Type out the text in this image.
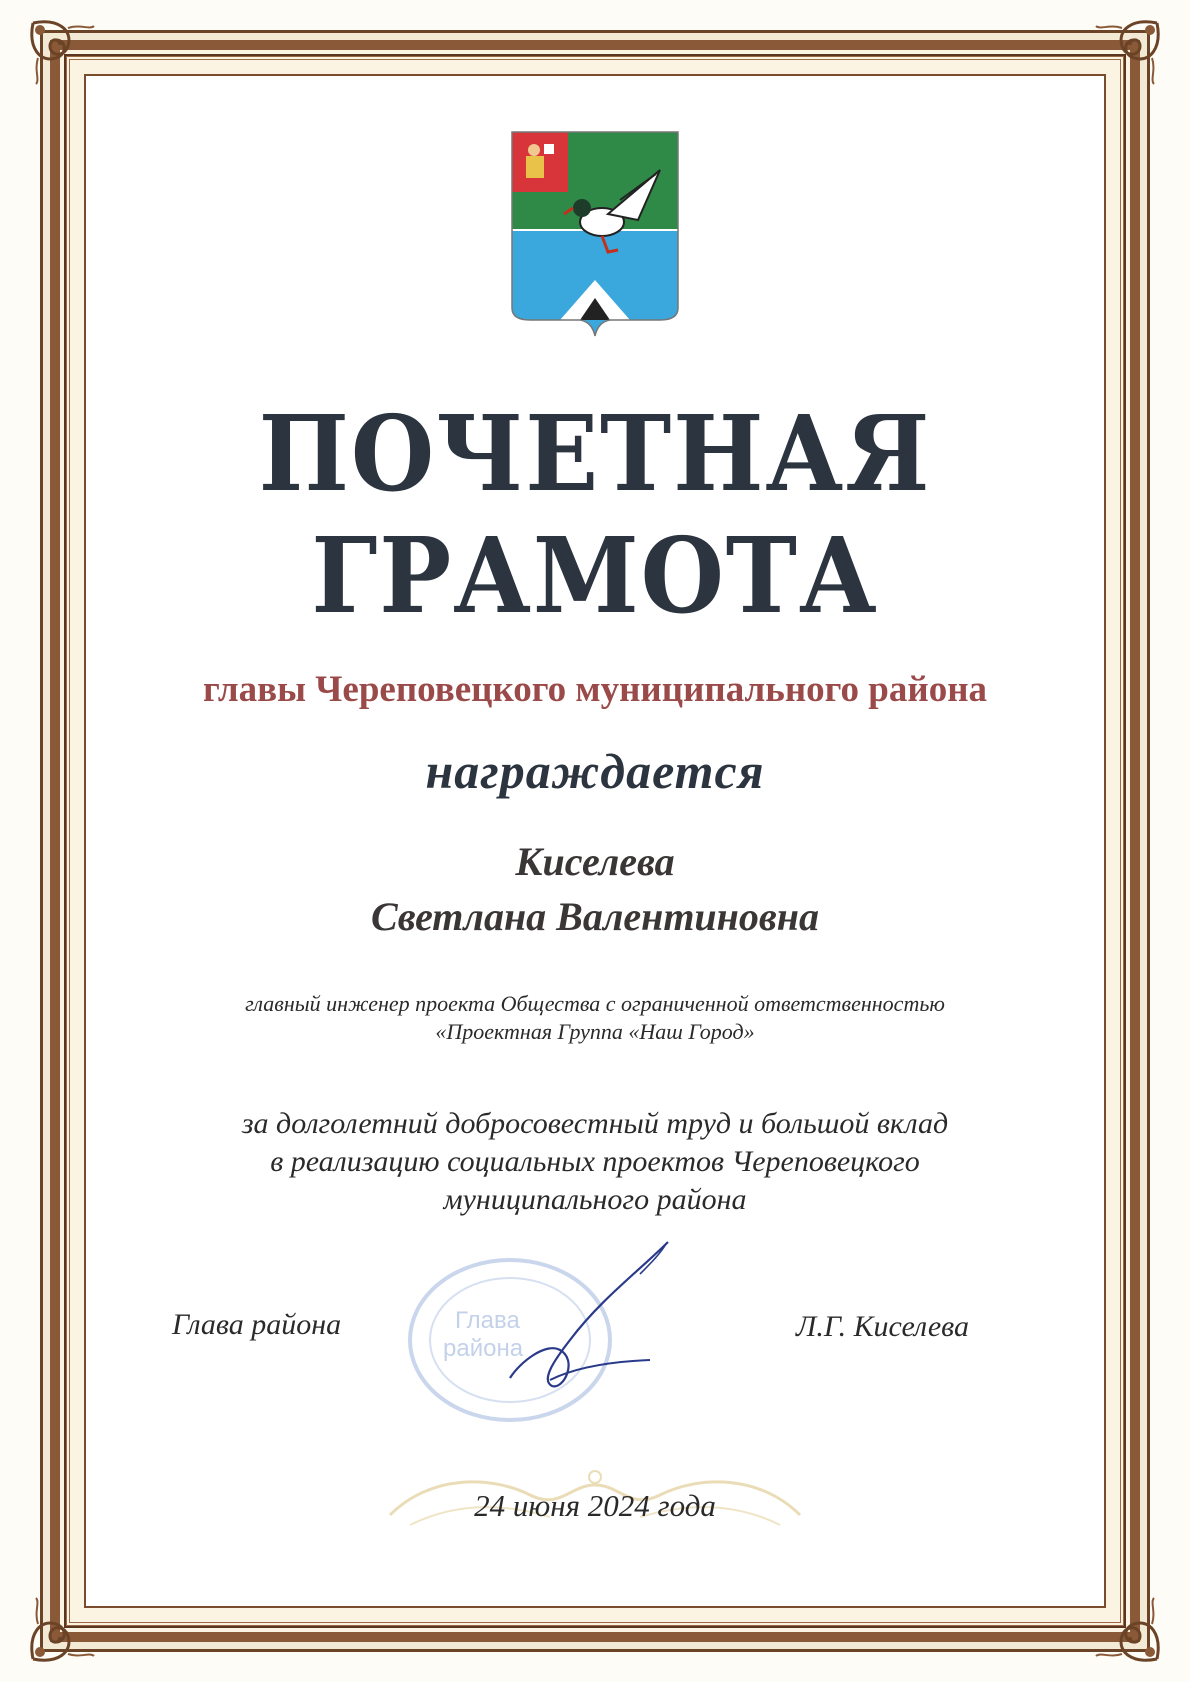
ПОЧЕТНАЯ
ГРАМОТА
главы Череповецкого муниципального района
награждается
Киселева
Светлана Валентиновна
главный инженер проекта Общества с ограниченной ответственностью
«Проектная Группа «Наш Город»
за долголетний добросовестный труд и большой вклад
в реализацию социальных проектов Череповецкого
муниципального района
Глава
района
Глава района	Л.Г. Киселева
24 июня 2024 года
